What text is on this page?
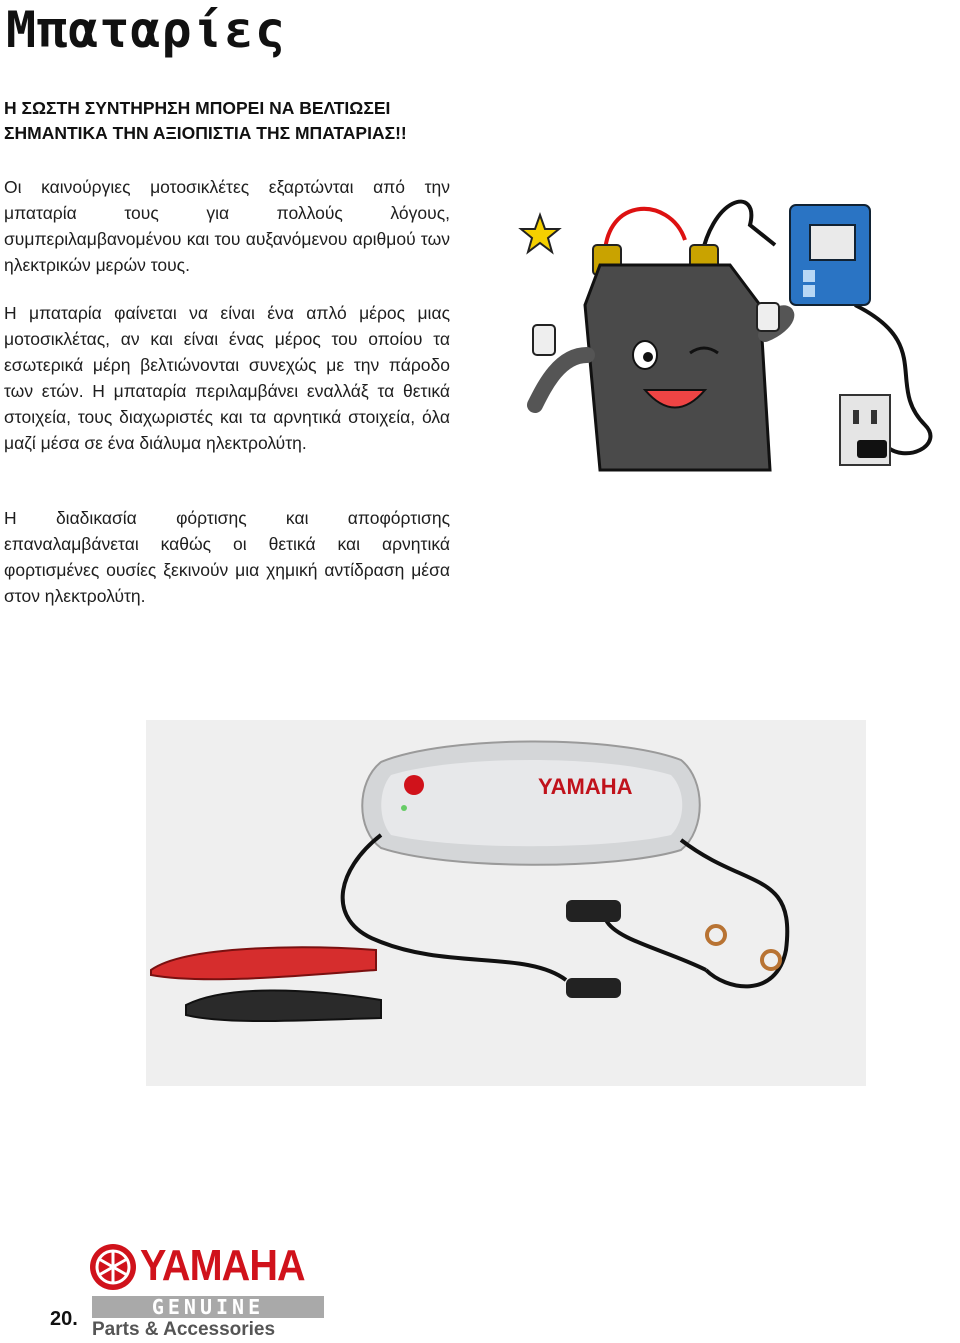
Μπαταρίες

Η ΣΩΣΤΗ ΣΥΝΤΗΡΗΣΗ ΜΠΟΡΕΙ ΝΑ ΒΕΛΤΙΩΣΕΙ ΣΗΜΑΝΤΙΚΑ ΤΗΝ ΑΞΙΟΠΙΣΤΙΑ ΤΗΣ ΜΠΑΤΑΡΙΑΣ!!

Οι καινούργιες μοτοσικλέτες εξαρτώνται από την μπαταρία τους για πολλούς λόγους, συμπεριλαμβανομένου και του αυξανόμενου αριθμού των ηλεκτρικών μερών τους.

Η μπαταρία φαίνεται να είναι ένα απλό μέρος μιας μοτοσικλέτας, αν και είναι ένας μέρος του οποίου τα εσωτερικά μέρη βελτιώνονται συνεχώς με την πάροδο των ετών. Η μπαταρία περιλαμβάνει εναλλάξ τα θετικά στοιχεία, τους διαχωριστές και τα αρνητικά στοιχεία, όλα μαζί μέσα σε ένα διάλυμα ηλεκτρολύτη.

Η διαδικασία φόρτισης και αποφόρτισης επαναλαμβάνεται καθώς οι θετικά και αρνητικά φορτισμένες ουσίες ξεκινούν μια χημική αντίδραση μέσα στον ηλεκτρολύτη.

YAMAHA
20.
YAMAHA
GENUINE
Parts & Accessories
